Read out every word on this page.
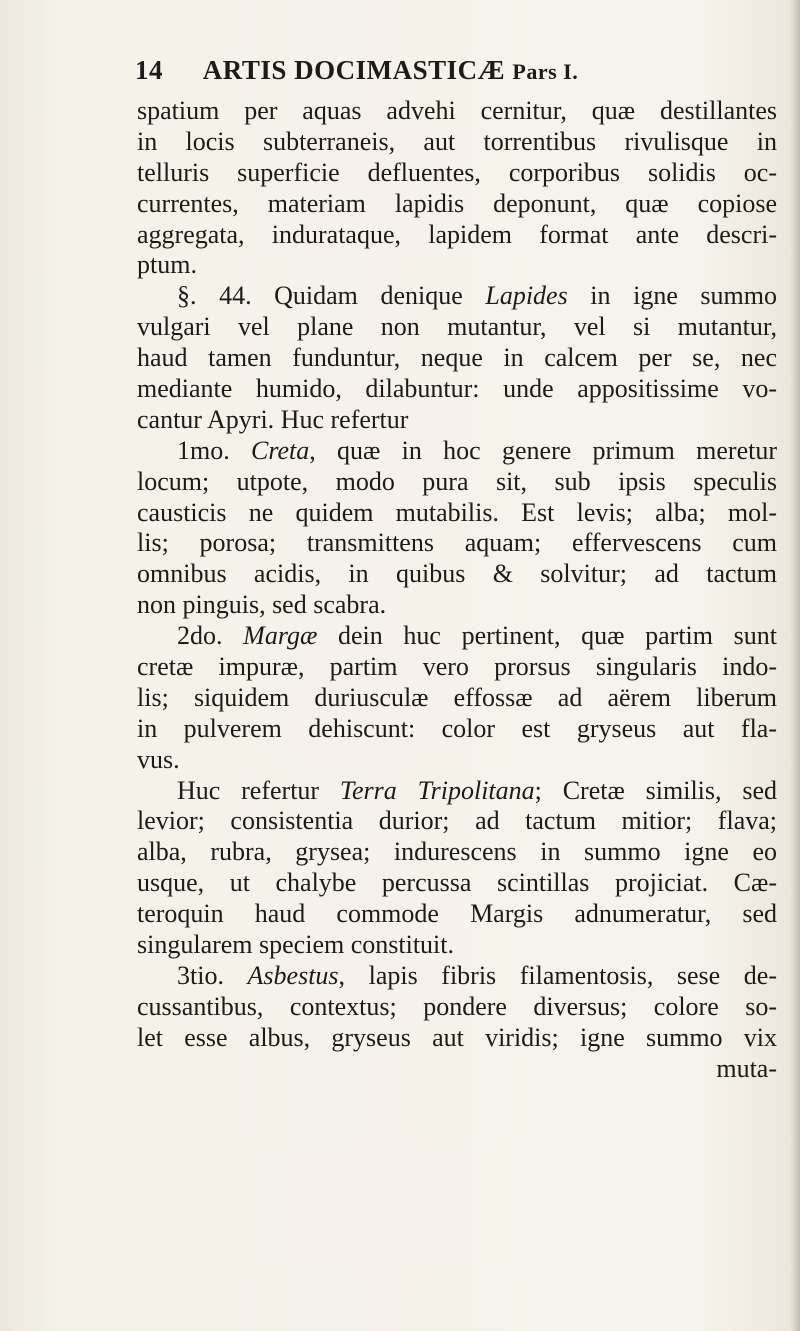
14 ARTIS DOCIMASTICÆ Pars I.
spatium per aquas advehi cernitur, quæ destillantes
in locis subterraneis, aut torrentibus rivulisque in
telluris superficie defluentes, corporibus solidis oc-
currentes, materiam lapidis deponunt, quæ copiose
aggregata, indurataque, lapidem format ante descri-
ptum.
§. 44. Quidam denique Lapides in igne summo
vulgari vel plane non mutantur, vel si mutantur,
haud tamen funduntur, neque in calcem per se, nec
mediante humido, dilabuntur: unde appositissime vo-
cantur Apyri. Huc refertur
1mo. Creta, quæ in hoc genere primum meretur
locum; utpote, modo pura sit, sub ipsis speculis
causticis ne quidem mutabilis. Est levis; alba; mol-
lis; porosa; transmittens aquam; effervescens cum
omnibus acidis, in quibus & solvitur; ad tactum
non pinguis, sed scabra.
2do. Margæ dein huc pertinent, quæ partim sunt
cretæ impuræ, partim vero prorsus singularis indo-
lis; siquidem duriusculæ effossæ ad aërem liberum
in pulverem dehiscunt: color est gryseus aut fla-
vus.
Huc refertur Terra Tripolitana; Cretæ similis, sed
levior; consistentia durior; ad tactum mitior; flava;
alba, rubra, grysea; indurescens in summo igne eo
usque, ut chalybe percussa scintillas projiciat. Cæ-
teroquin haud commode Margis adnumeratur, sed
singularem speciem constituit.
3tio. Asbestus, lapis fibris filamentosis, sese de-
cussantibus, contextus; pondere diversus; colore so-
let esse albus, gryseus aut viridis; igne summo vix
muta-
